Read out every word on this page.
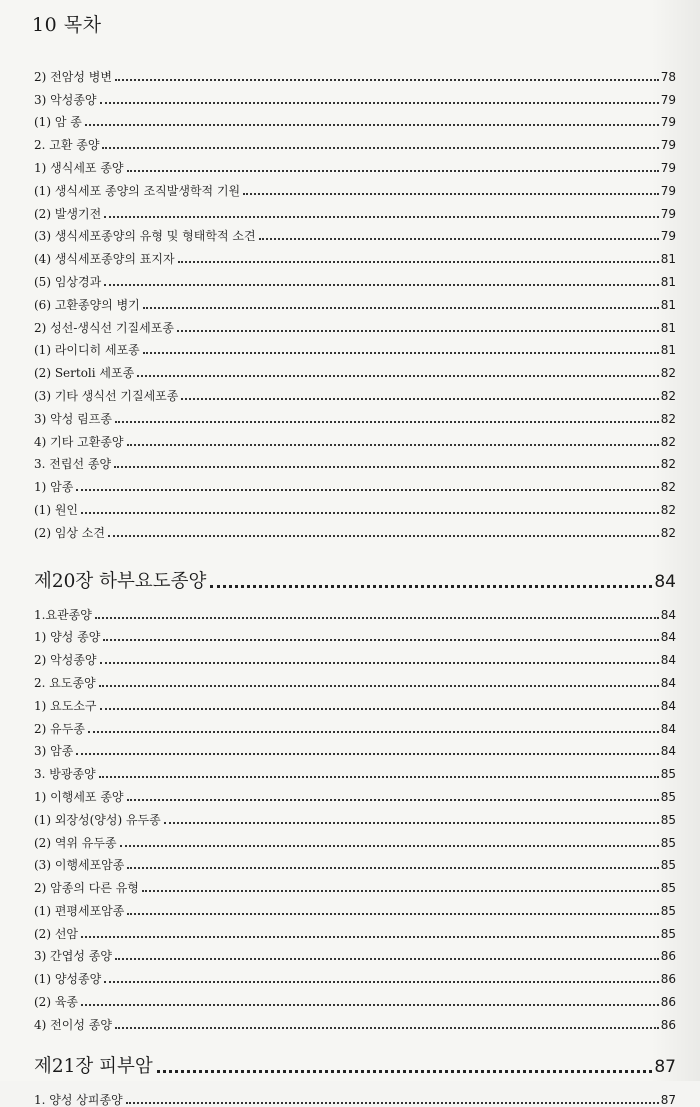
10 목차
2) 전암성 병변	78
3) 악성종양	79
(1) 암 종	79
2. 고환 종양	79
1) 생식세포 종양	79
(1) 생식세포 종양의 조직발생학적 기원	79
(2) 발생기전	79
(3) 생식세포종양의 유형 및 형태학적 소견	79
(4) 생식세포종양의 표지자	81
(5) 임상경과	81
(6) 고환종양의 병기	81
2) 성선-생식선 기질세포종	81
(1) 라이디히 세포종	81
(2) Sertoli 세포종	82
(3) 기타 생식선 기질세포종	82
3) 악성 림프종	82
4) 기타 고환종양	82
3. 전립선 종양	82
1) 암종	82
(1) 원인	82
(2) 임상 소견	82
제20장 하부요도종양	84
1.요관종양	84
1) 양성 종양	84
2) 악성종양	84
2. 요도종양	84
1) 요도소구	84
2) 유두종	84
3) 암종	84
3. 방광종양	85
1) 이행세포 종양	85
(1) 외장성(양성) 유두종	85
(2) 역위 유두종	85
(3) 이행세포암종	85
2) 암종의 다른 유형	85
(1) 편평세포암종	85
(2) 선암	85
3) 간엽성 종양	86
(1) 양성종양	86
(2) 육종	86
4) 전이성 종양	86
제21장 피부암	87
1. 양성 상피종양	87
